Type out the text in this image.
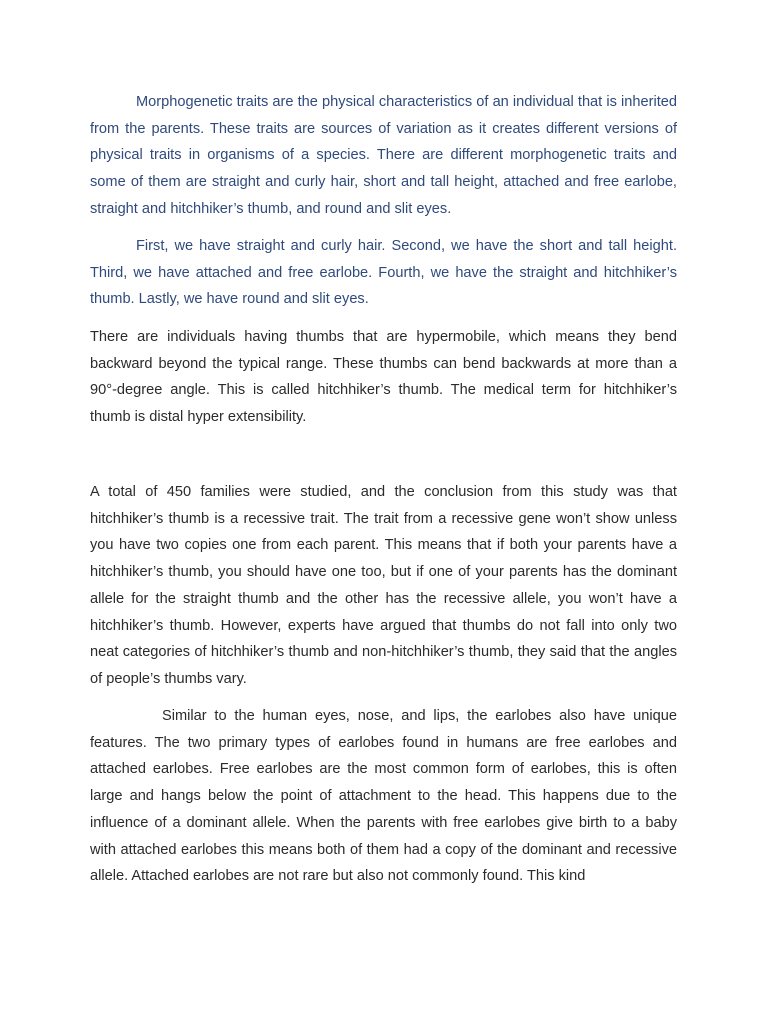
Morphogenetic traits are the physical characteristics of an individual that is inherited from the parents. These traits are sources of variation as it creates different versions of physical traits in organisms of a species. There are different morphogenetic traits and some of them are straight and curly hair, short and tall height, attached and free earlobe, straight and hitchhiker’s thumb, and round and slit eyes.

First, we have straight and curly hair. Second, we have the short and tall height. Third, we have attached and free earlobe. Fourth, we have the straight and hitchhiker’s thumb. Lastly, we have round and slit eyes.

There are individuals having thumbs that are hypermobile, which means they bend backward beyond the typical range. These thumbs can bend backwards at more than a 90°-degree angle. This is called hitchhiker’s thumb. The medical term for hitchhiker’s thumb is distal hyper extensibility.

A total of 450 families were studied, and the conclusion from this study was that hitchhiker’s thumb is a recessive trait. The trait from a recessive gene won’t show unless you have two copies one from each parent. This means that if both your parents have a hitchhiker’s thumb, you should have one too, but if one of your parents has the dominant allele for the straight thumb and the other has the recessive allele, you won’t have a hitchhiker’s thumb. However, experts have argued that thumbs do not fall into only two neat categories of hitchhiker’s thumb and non-hitchhiker’s thumb, they said that the angles of people’s thumbs vary.

Similar to the human eyes, nose, and lips, the earlobes also have unique features. The two primary types of earlobes found in humans are free earlobes and attached earlobes. Free earlobes are the most common form of earlobes, this is often large and hangs below the point of attachment to the head. This happens due to the influence of a dominant allele. When the parents with free earlobes give birth to a baby with attached earlobes this means both of them had a copy of the dominant and recessive allele. Attached earlobes are not rare but also not commonly found. This kind
